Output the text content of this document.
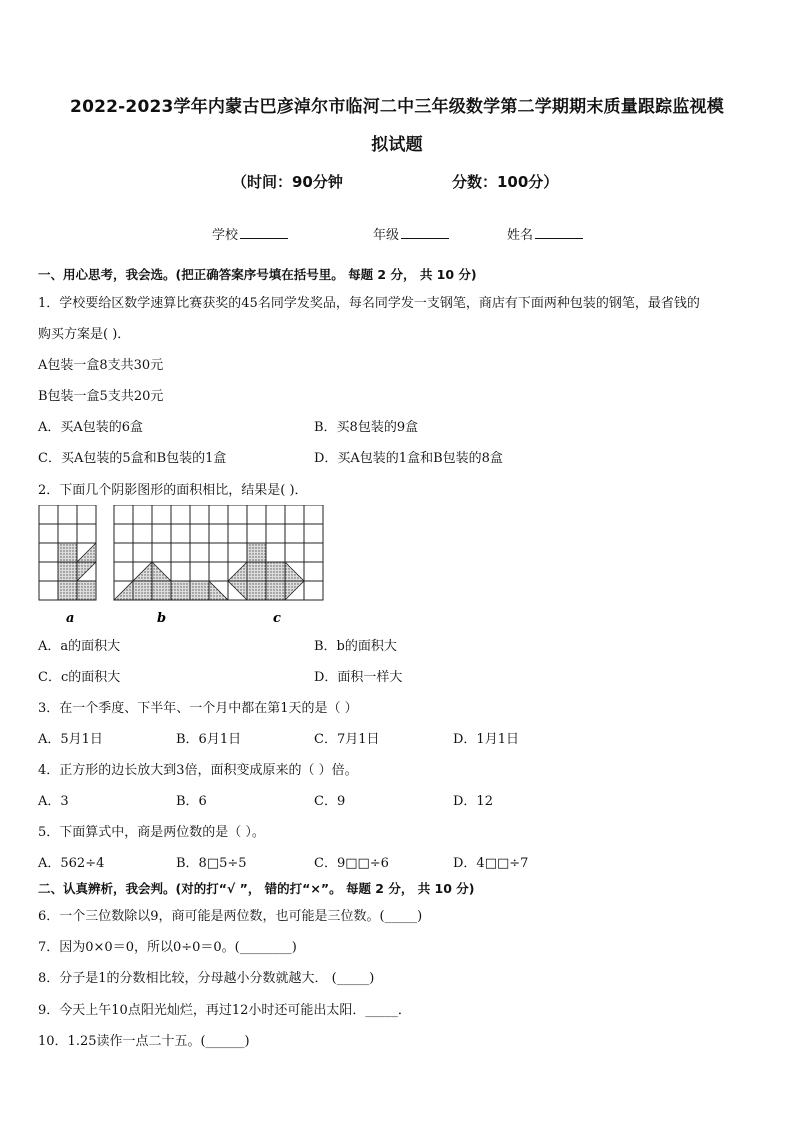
2022-2023学年内蒙古巴彦淖尔市临河二中三年级数学第二学期期末质量跟踪监视模
拟试题
（时间：90分钟	分数：100分）
学校	年级	姓名
一、用心思考，我会选。(把正确答案序号填在括号里。 每题 2 分， 共 10 分)
1．学校要给区数学速算比赛获奖的45名同学发奖品，每名同学发一支钢笔，商店有下面两种包装的钢笔，最省钱的
购买方案是( )．
A包装一盒8支共30元
B包装一盒5支共20元
A．买A包装的6盒	B．买8包装的9盒
C．买A包装的5盒和B包装的1盒	D．买A包装的1盒和B包装的8盒
2．下面几个阴影图形的面积相比，结果是( )．
a	b	c
A．a的面积大	B．b的面积大
C．c的面积大	D．面积一样大
3．在一个季度、下半年、一个月中都在第1天的是（ ）
A．5月1日	B．6月1日	C．7月1日	D．1月1日
4．正方形的边长放大到3倍，面积变成原来的（ ）倍。
A．3	B．6	C．9	D．12
5．下面算式中，商是两位数的是（ ）。
A．562÷4	B．8□5÷5	C．9□□÷6	D．4□□÷7
二、认真辨析，我会判。(对的打“√ ”， 错的打“×”。 每题 2 分， 共 10 分)
6．一个三位数除以9，商可能是两位数，也可能是三位数。(_____)
7．因为0×0＝0，所以0÷0＝0。(________)
8．分子是1的分数相比较，分母越小分数就越大． (_____)
9．今天上午10点阳光灿烂，再过12小时还可能出太阳．_____．
10．1.25读作一点二十五。(______)
